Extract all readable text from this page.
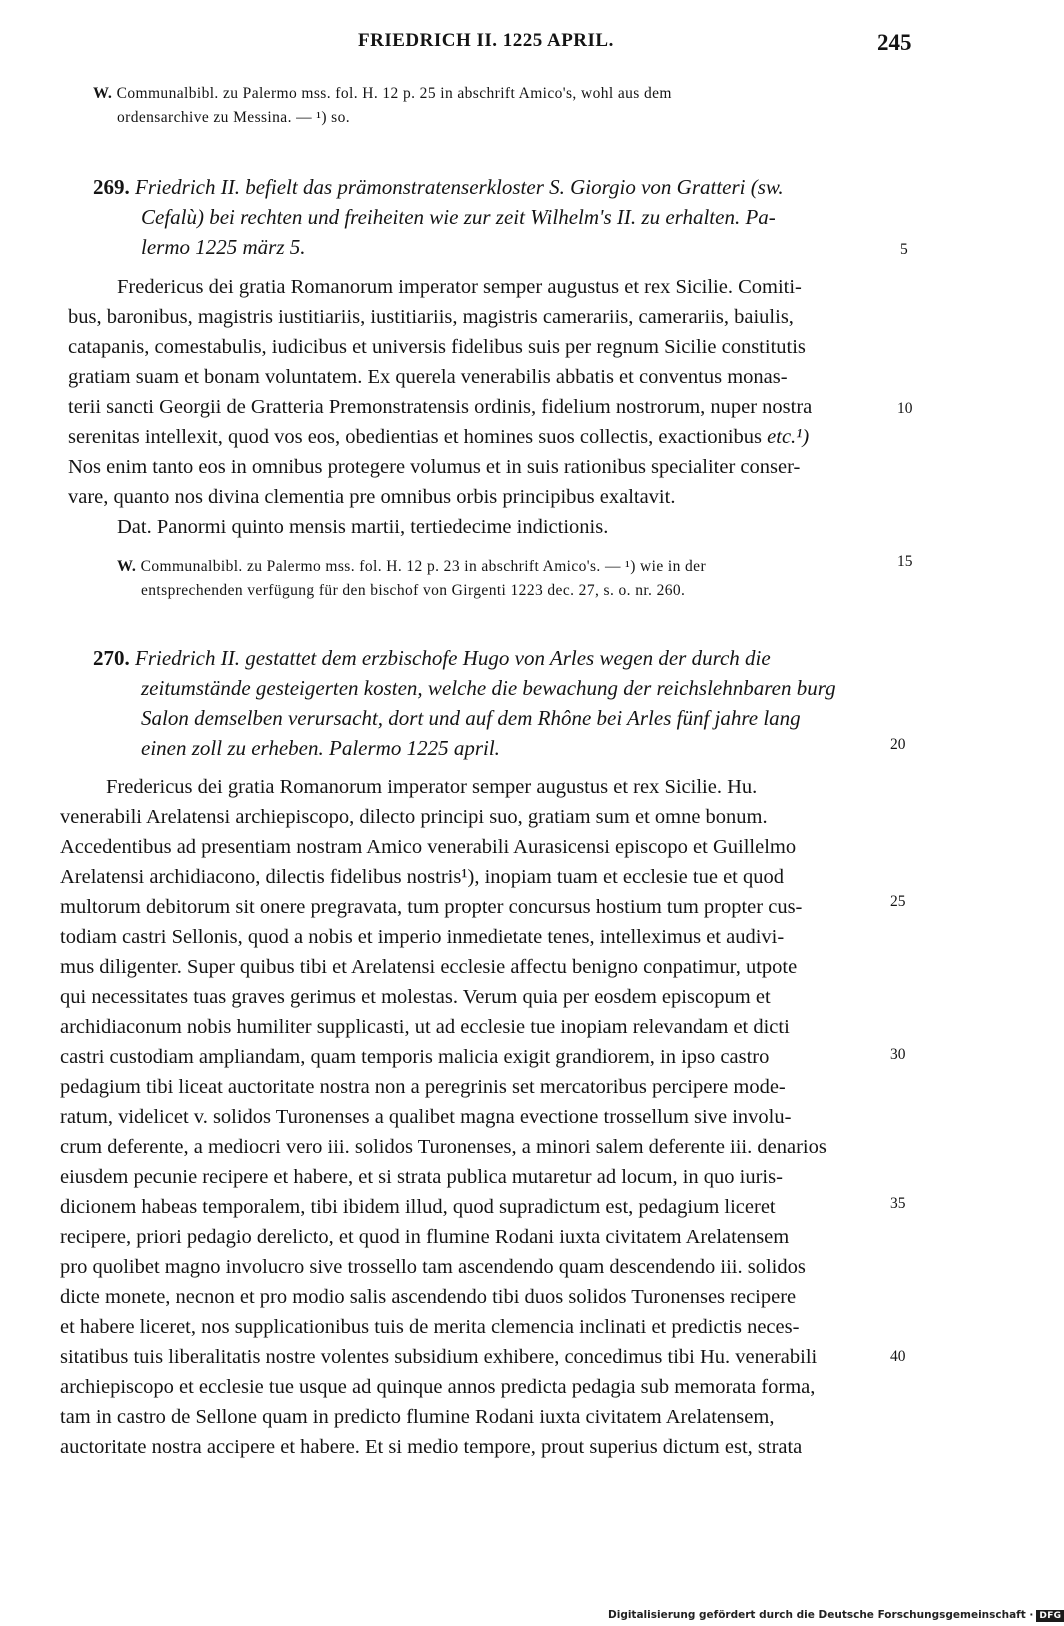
FRIEDRICH II. 1225 APRIL.	245
W. Communalbibl. zu Palermo mss. fol. H. 12 p. 25 in abschrift Amico's, wohl aus dem
ordensarchive zu Messina. — ¹) so.
269. Friedrich II. befielt das prämonstratenserkloster S. Giorgio von Gratteri (sw.
Cefalù) bei rechten und freiheiten wie zur zeit Wilhelm's II. zu erhalten. Pa-
lermo 1225 märz 5.
Fredericus dei gratia Romanorum imperator semper augustus et rex Sicilie. Comiti-
bus, baronibus, magistris iustitiariis, iustitiariis, magistris camerariis, camerariis, baiulis,
catapanis, comestabulis, iudicibus et universis fidelibus suis per regnum Sicilie constitutis
gratiam suam et bonam voluntatem. Ex querela venerabilis abbatis et conventus monas-
terii sancti Georgii de Gratteria Premonstratensis ordinis, fidelium nostrorum, nuper nostra
serenitas intellexit, quod vos eos, obedientias et homines suos collectis, exactionibus etc.¹)
Nos enim tanto eos in omnibus protegere volumus et in suis rationibus specialiter conser-
vare, quanto nos divina clementia pre omnibus orbis principibus exaltavit.
Dat. Panormi quinto mensis martii, tertiedecime indictionis.
W. Communalbibl. zu Palermo mss. fol. H. 12 p. 23 in abschrift Amico's. — ¹) wie in der
entsprechenden verfügung für den bischof von Girgenti 1223 dec. 27, s. o. nr. 260.
270. Friedrich II. gestattet dem erzbischofe Hugo von Arles wegen der durch die
zeitumstände gesteigerten kosten, welche die bewachung der reichslehnbaren burg
Salon demselben verursacht, dort und auf dem Rhône bei Arles fünf jahre lang
einen zoll zu erheben. Palermo 1225 april.
Fredericus dei gratia Romanorum imperator semper augustus et rex Sicilie. Hu.
venerabili Arelatensi archiepiscopo, dilecto principi suo, gratiam sum et omne bonum.
Accedentibus ad presentiam nostram Amico venerabili Aurasicensi episcopo et Guillelmo
Arelatensi archidiacono, dilectis fidelibus nostris¹), inopiam tuam et ecclesie tue et quod
multorum debitorum sit onere pregravata, tum propter concursus hostium tum propter cus-
todiam castri Sellonis, quod a nobis et imperio inmedietate tenes, intelleximus et audivi-
mus diligenter. Super quibus tibi et Arelatensi ecclesie affectu benigno conpatimur, utpote
qui necessitates tuas graves gerimus et molestas. Verum quia per eosdem episcopum et
archidiaconum nobis humiliter supplicasti, ut ad ecclesie tue inopiam relevandam et dicti
castri custodiam ampliandam, quam temporis malicia exigit grandiorem, in ipso castro
pedagium tibi liceat auctoritate nostra non a peregrinis set mercatoribus percipere mode-
ratum, videlicet v. solidos Turonenses a qualibet magna evectione trossellum sive involu-
crum deferente, a mediocri vero iii. solidos Turonenses, a minori salem deferente iii. denarios
eiusdem pecunie recipere et habere, et si strata publica mutaretur ad locum, in quo iuris-
dicionem habeas temporalem, tibi ibidem illud, quod supradictum est, pedagium liceret
recipere, priori pedagio derelicto, et quod in flumine Rodani iuxta civitatem Arelatensem
pro quolibet magno involucro sive trossello tam ascendendo quam descendendo iii. solidos
dicte monete, necnon et pro modio salis ascendendo tibi duos solidos Turonenses recipere
et habere liceret, nos supplicationibus tuis de merita clemencia inclinati et predictis neces-
sitatibus tuis liberalitatis nostre volentes subsidium exhibere, concedimus tibi Hu. venerabili
archiepiscopo et ecclesie tue usque ad quinque annos predicta pedagia sub memorata forma,
tam in castro de Sellone quam in predicto flumine Rodani iuxta civitatem Arelatensem,
auctoritate nostra accipere et habere. Et si medio tempore, prout superius dictum est, strata
5
10
15
20
25
30
35
40
Digitalisierung gefördert durch die Deutsche Forschungsgemeinschaft · DFG
